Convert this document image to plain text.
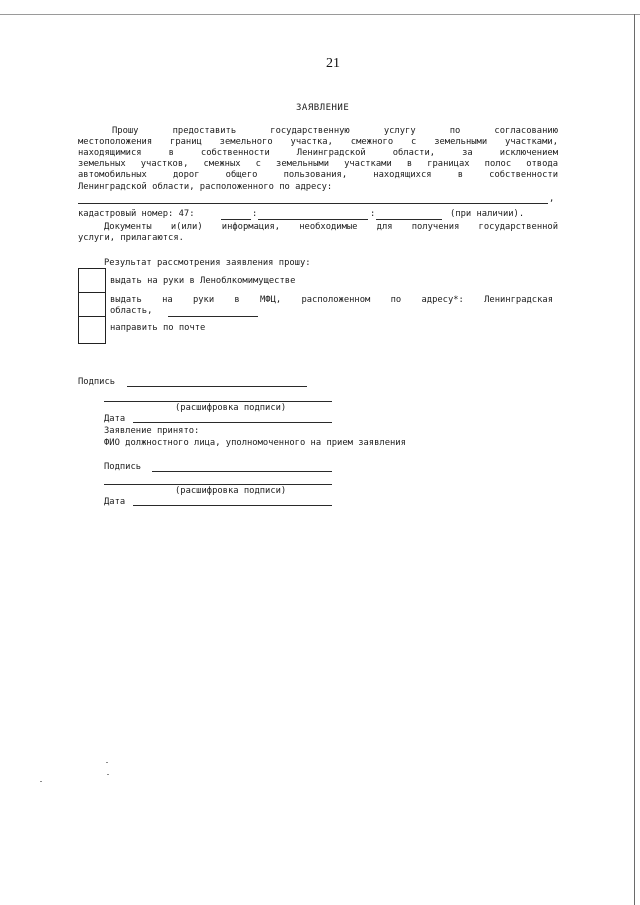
21
ЗАЯВЛЕНИЕ
Прошу предоставить государственную услугу по согласованию
местоположения границ земельного участка, смежного с земельными участками,
находящимися в собственности Ленинградской области, за исключением
земельных участков, смежных с земельными участками в границах полос отвода
автомобильных дорог общего пользования, находящихся в собственности
Ленинградской области, расположенного по адресу:
,
кадастровый номер: 47:	:	:	(при наличии).
Документы и(или) информация, необходимые для получения государственной
услуги, прилагаются.
Результат рассмотрения заявления прошу:
выдать на руки в Леноблкомимуществе
выдать на руки в МФЦ, расположенном по адресу*: Ленинградская
область,
направить по почте
Подпись
(расшифровка подписи)
Дата
Заявление принято:
ФИО должностного лица, уполномоченного на прием заявления
Подпись
(расшифровка подписи)
Дата
